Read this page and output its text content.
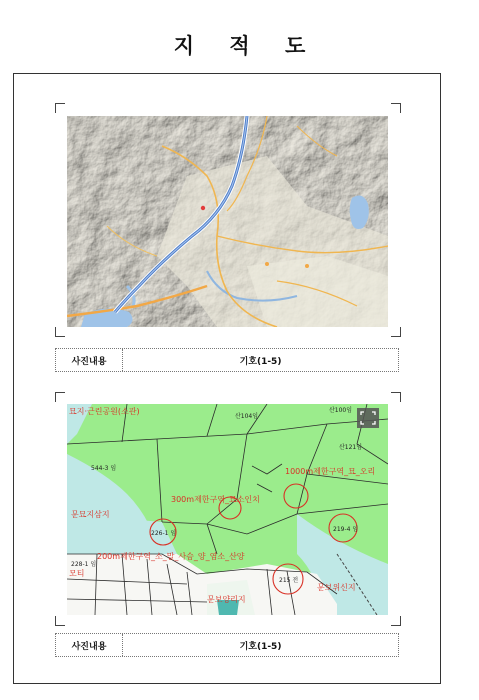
지 적 도
사진내용	기호(1-5)
묘지·근린공원(소관)
1000m제한구역_묘_오리
300m제한구역_묘소인치
문묘지삼지
200m제한구역_소_말_사슴_양_염소_산양
문보위신지
문보양리지
모티
산104임
산100임
산121임
544-3 임
219-4 임
226-1 임
228-1 임
215 전
사진내용	기호(1-5)
